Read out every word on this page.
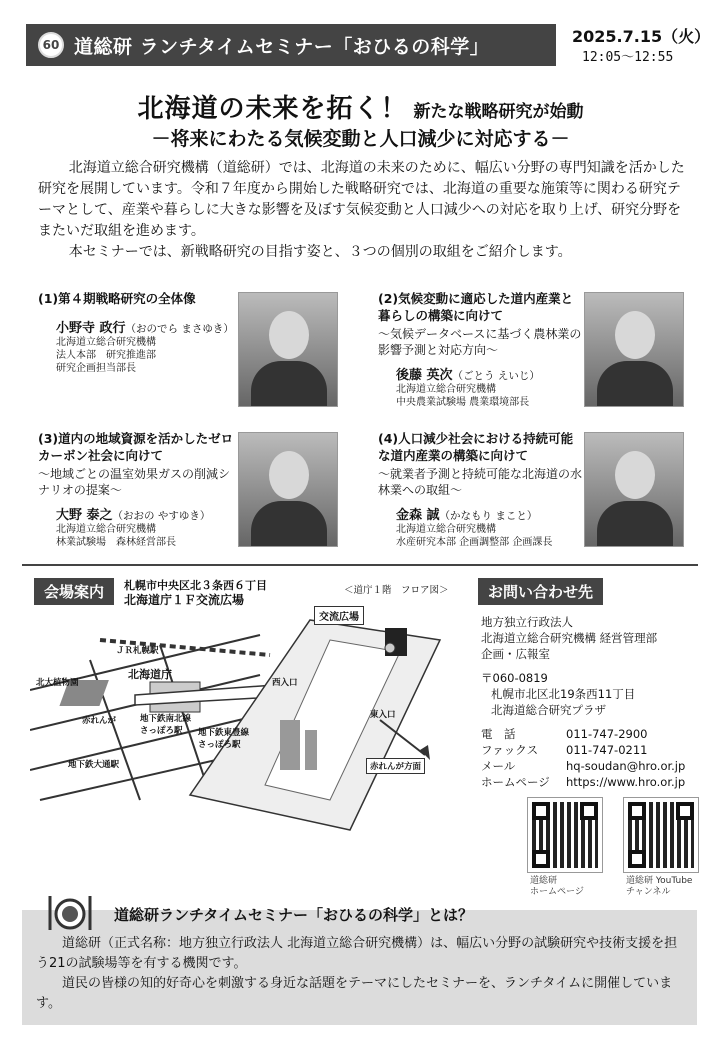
60 道総研 ランチタイムセミナー「おひるの科学」	2025.7.15（火）
12:05〜12:55
北海道の未来を拓く！ 新たな戦略研究が始動
－将来にわたる気候変動と人口減少に対応する－

北海道立総合研究機構（道総研）では、北海道の未来のために、幅広い分野の専門知識を活かした研究を展開しています。令和７年度から開始した戦略研究では、北海道の重要な施策等に関わる研究テーマとして、産業や暮らしに大きな影響を及ぼす気候変動と人口減少への対応を取り上げ、研究分野をまたいだ取組を進めます。

本セミナーでは、新戦略研究の目指す姿と、３つの個別の取組をご紹介します。

(1)第４期戦略研究の全体像
小野寺 政行（おのでら まさゆき）
北海道立総合研究機構
法人本部　研究推進部
研究企画担当部長
(2)気候変動に適応した道内産業と暮らしの構築に向けて
～気候データベースに基づく農林業の影響予測と対応方向～
後藤 英次（ごとう えいじ）
北海道立総合研究機構
中央農業試験場 農業環境部長
(3)道内の地域資源を活かしたゼロカーボン社会に向けて
～地域ごとの温室効果ガスの削減シナリオの提案～
大野 泰之（おおの やすゆき）
北海道立総合研究機構
林業試験場　森林経営部長
(4)人口減少社会における持続可能な道内産業の構築に向けて
～就業者予測と持続可能な北海道の水林業への取組～
金森 誠（かなもり まこと）
北海道立総合研究機構
水産研究本部 企画調整部 企画課長
会場案内	札幌市中央区北３条西６丁目
北海道庁１Ｆ交流広場
＜道庁１階　フロア図＞
ＪＲ札幌駅
北大植物園
北海道庁
赤れんが	地下鉄南北線
さっぽろ駅	地下鉄東豊線
さっぽろ駅
地下鉄大通駅
交流広場
西入口
東入口
赤れんが方面
お問い合わせ先
地方独立行政法人
北海道立総合研究機構 経営管理部
企画・広報室
〒060-0819
札幌市北区北19条西11丁目
北海道総合研究プラザ
電　話	011-747-2900
ファックス	011-747-0211
メール	hq-soudan@hro.or.jp
ホームページ	https://www.hro.or.jp
道総研
ホームページ
道総研 YouTube
チャンネル
道総研ランチタイムセミナー「おひるの科学」とは？

道総研（正式名称：地方独立行政法人 北海道立総合研究機構）は、幅広い分野の試験研究や技術支援を担う21の試験場等を有する機関です。

道民の皆様の知的好奇心を刺激する身近な話題をテーマにしたセミナーを、ランチタイムに開催しています。
